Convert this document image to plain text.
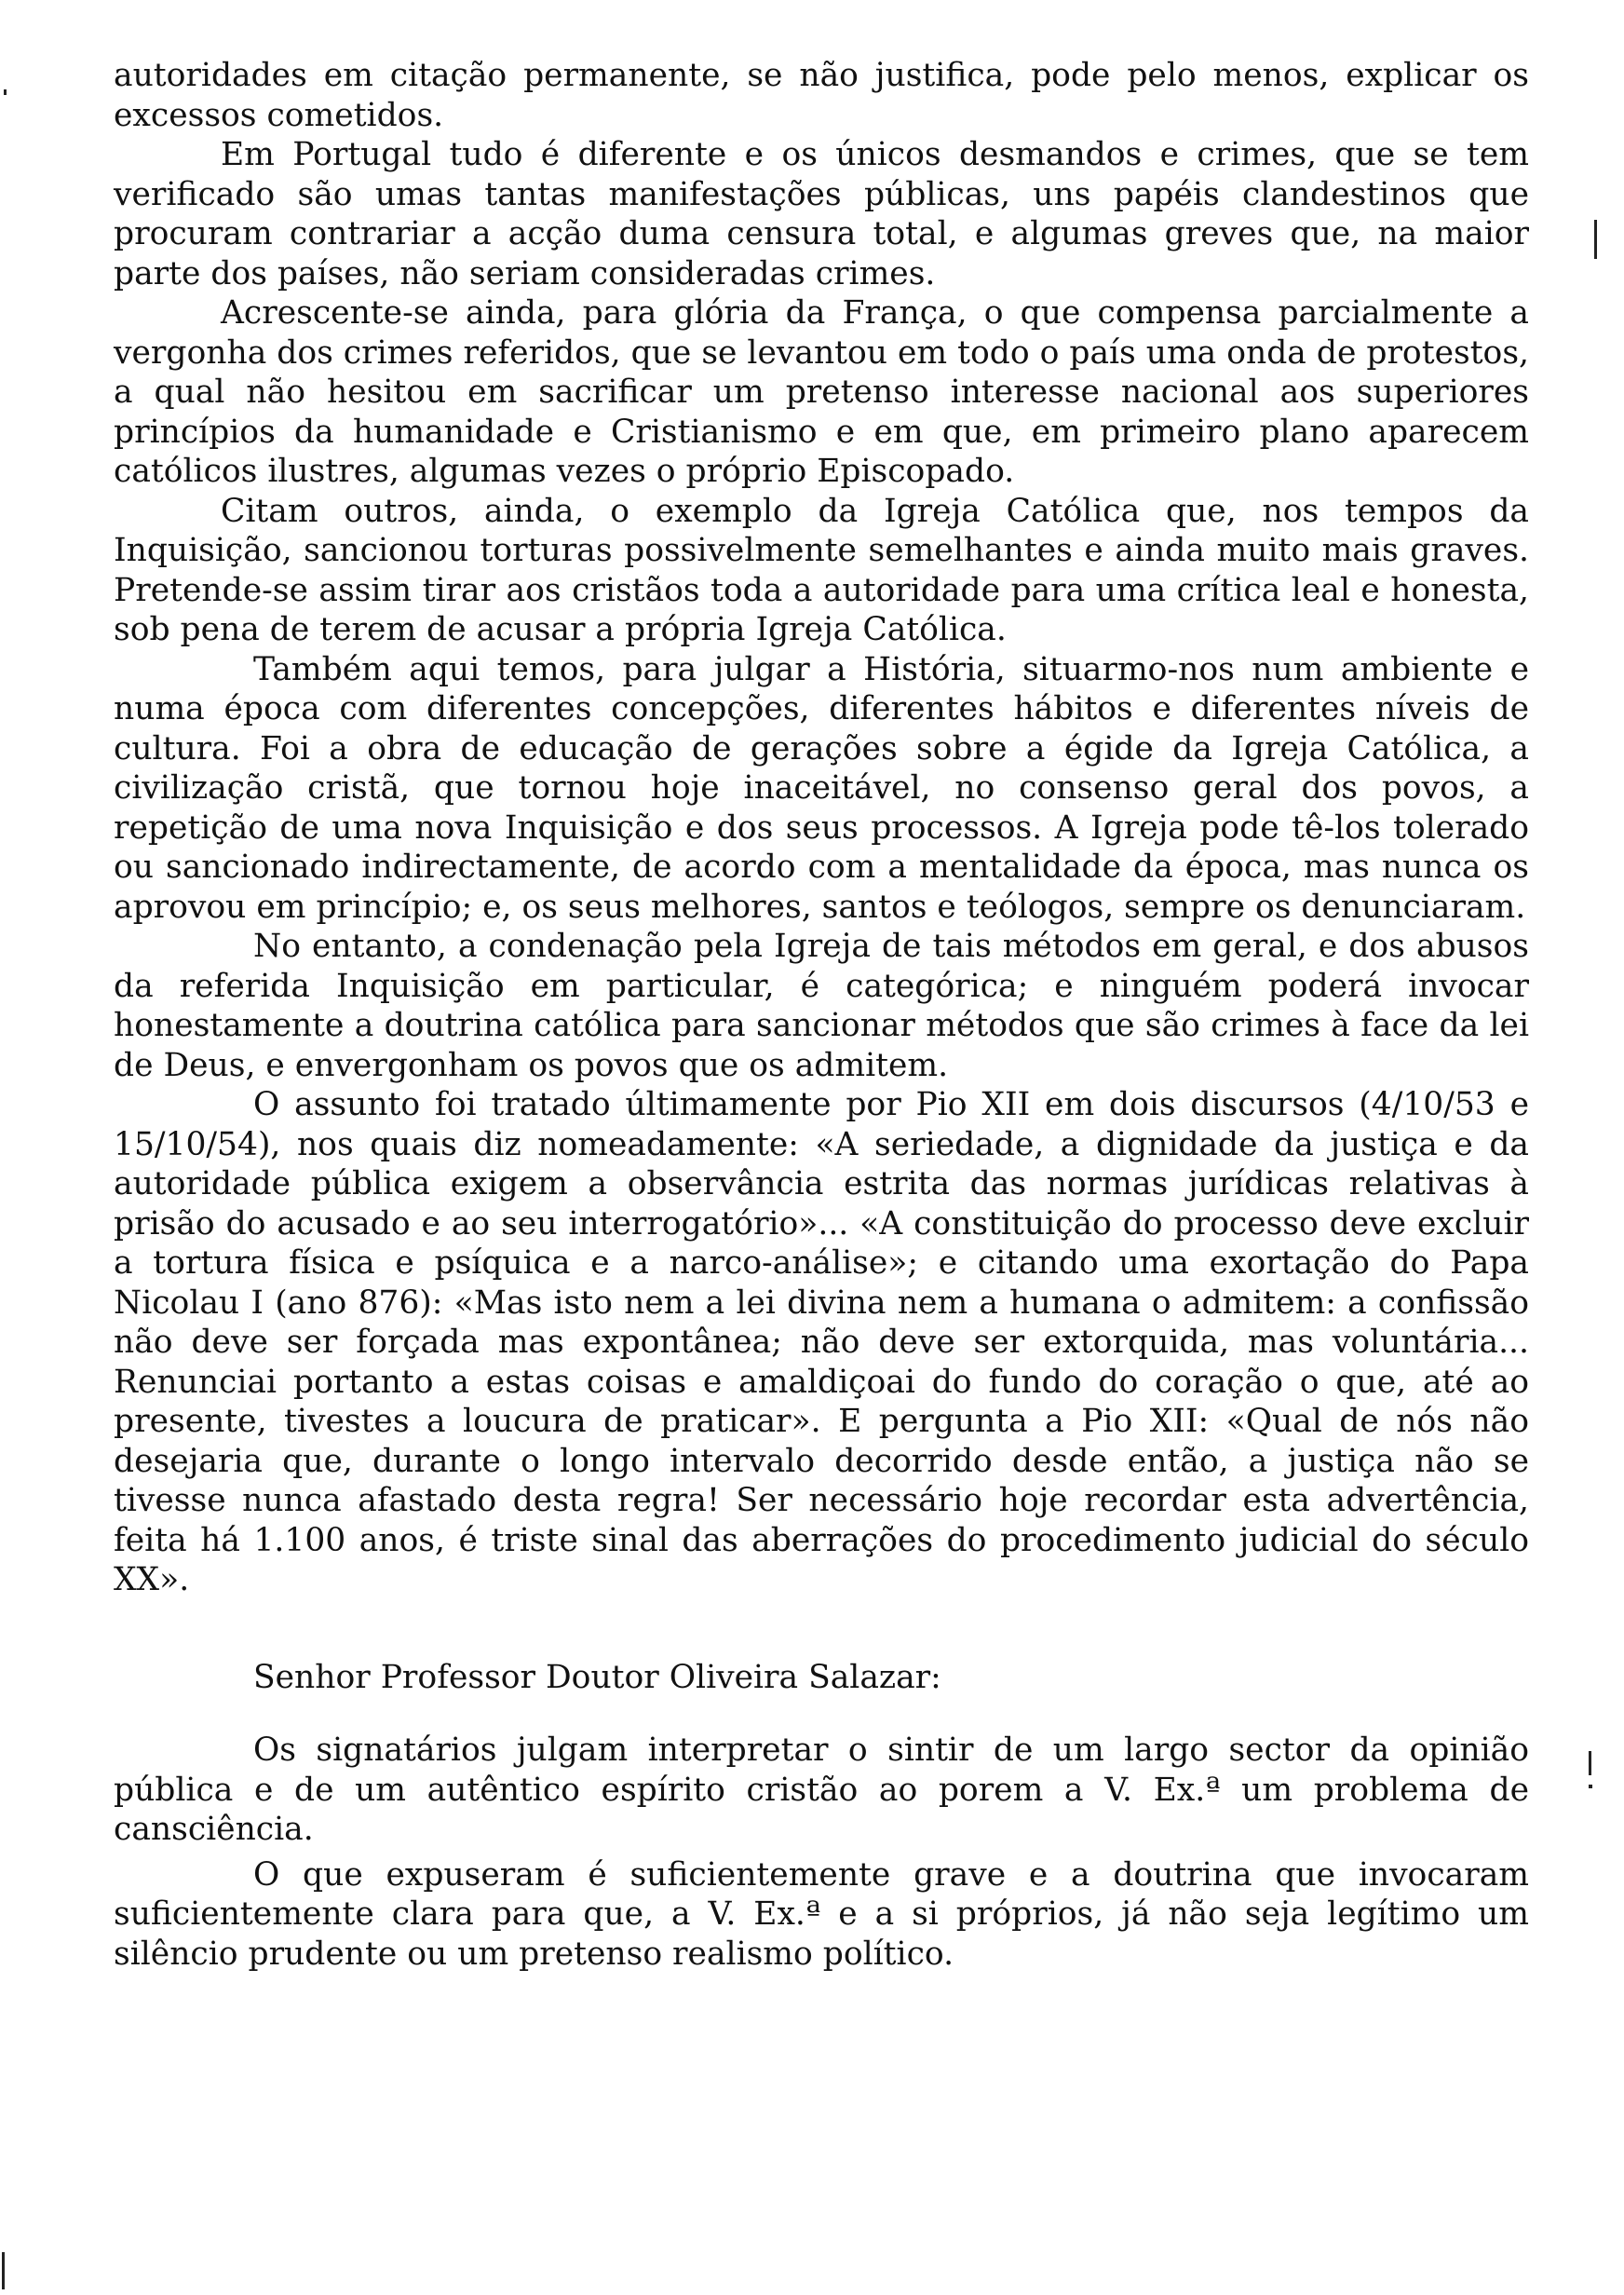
autoridades em citação permanente, se não justifica, pode pelo menos, explicar os excessos cometidos.

Em Portugal tudo é diferente e os únicos desmandos e crimes, que se tem verificado são umas tantas manifestações públicas, uns papéis clandestinos que procuram contrariar a acção duma censura total, e algumas greves que, na maior parte dos países, não seriam consideradas crimes.

Acrescente-se ainda, para glória da França, o que compensa parcialmente a vergonha dos crimes referidos, que se levantou em todo o país uma onda de protestos, a qual não hesitou em sacrificar um pretenso interesse nacional aos superiores princípios da humanidade e Cristianismo e em que, em primeiro plano aparecem católicos ilustres, algumas vezes o próprio Episcopado.

Citam outros, ainda, o exemplo da Igreja Católica que, nos tempos da Inquisição, sancionou torturas possivelmente semelhantes e ainda muito mais graves. Pretende-se assim tirar aos cristãos toda a autoridade para uma crítica leal e honesta, sob pena de terem de acusar a própria Igreja Católica.

Também aqui temos, para julgar a História, situarmo-nos num ambiente e numa época com diferentes concepções, diferentes hábitos e diferentes níveis de cultura. Foi a obra de educação de gerações sobre a égide da Igreja Católica, a civilização cristã, que tornou hoje inaceitável, no consenso geral dos povos, a repetição de uma nova Inquisição e dos seus processos. A Igreja pode tê-los tolerado ou sancionado indirectamente, de acordo com a mentalidade da época, mas nunca os aprovou em princípio; e, os seus melhores, santos e teólogos, sempre os denunciaram.

No entanto, a condenação pela Igreja de tais métodos em geral, e dos abusos da referida Inquisição em particular, é categórica; e ninguém poderá invocar honestamente a doutrina católica para sancionar métodos que são crimes à face da lei de Deus, e envergonham os povos que os admitem.

O assunto foi tratado últimamente por Pio XII em dois discursos (4/10/53 e 15/10/54), nos quais diz nomeadamente: «A seriedade, a dignidade da justiça e da autoridade pública exigem a observância estrita das normas jurídicas relativas à prisão do acusado e ao seu interrogatório»... «A constituição do processo deve excluir a tortura física e psíquica e a narco-análise»; e citando uma exortação do Papa Nicolau I (ano 876): «Mas isto nem a lei divina nem a humana o admitem: a confissão não deve ser forçada mas expontânea; não deve ser extorquida, mas voluntária... Renunciai portanto a estas coisas e amaldiçoai do fundo do coração o que, até ao presente, tivestes a loucura de praticar». E pergunta a Pio XII: «Qual de nós não desejaria que, durante o longo intervalo decorrido desde então, a justiça não se tivesse nunca afastado desta regra! Ser necessário hoje recordar esta advertência, feita há 1.100 anos, é triste sinal das aberrações do procedimento judicial do século XX».

Senhor Professor Doutor Oliveira Salazar:

Os signatários julgam interpretar o sintir de um largo sector da opinião pública e de um autêntico espírito cristão ao porem a V. Ex.ª um problema de cansciência.

O que expuseram é suficientemente grave e a doutrina que invocaram suficientemente clara para que, a V. Ex.ª e a si próprios, já não seja legítimo um silêncio prudente ou um pretenso realismo político.
